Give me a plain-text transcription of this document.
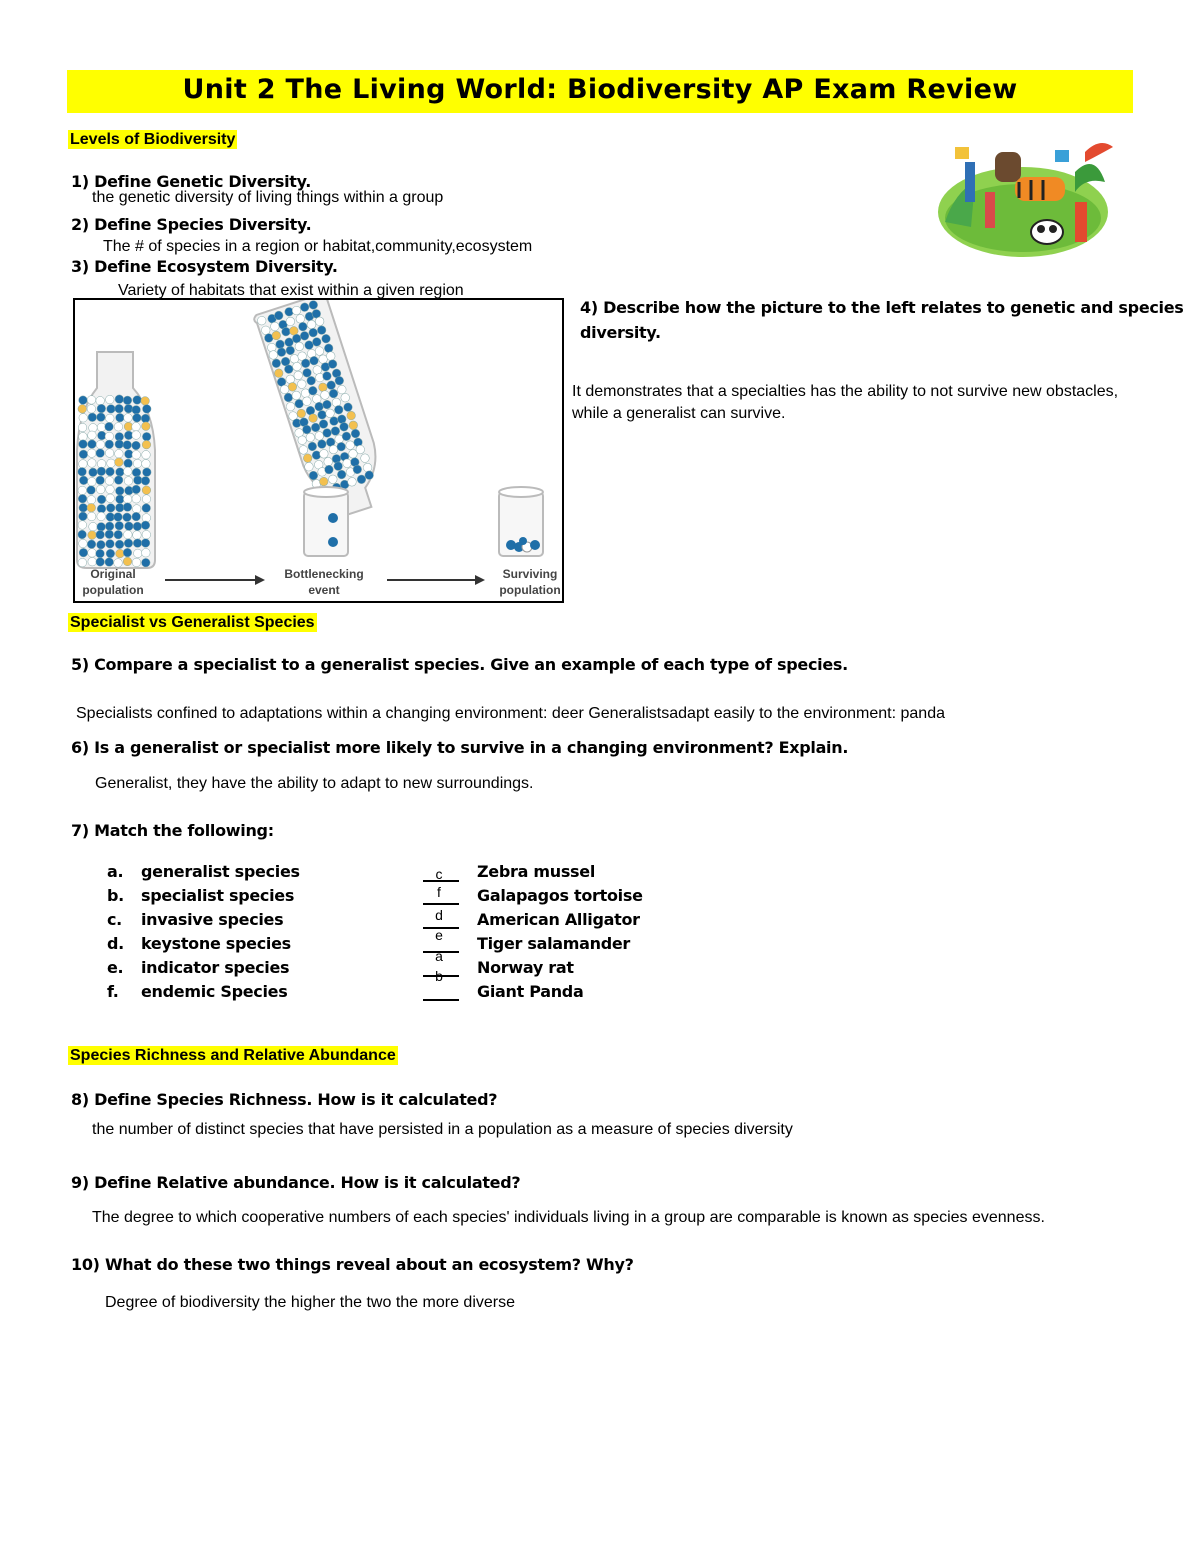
Unit 2 The Living World: Biodiversity AP Exam Review
Levels of Biodiversity
1) Define Genetic Diversity.
the genetic diversity of living things within a group
2) Define Species Diversity.
The # of species in a region or habitat,community,ecosystem
3) Define Ecosystem Diversity.
Variety of habitats that exist within a given region
Original
population
Bottlenecking
event
Surviving
population
4) Describe how the picture to the left relates to genetic and species
diversity.
It demonstrates that a specialties has the ability to not survive new obstacles,
while a generalist can survive.
Specialist vs Generalist Species
5) Compare a specialist to a generalist species. Give an example of each type of species.
Specialists confined to adaptations within a changing environment: deer Generalistsadapt easily to the environment: panda
6) Is a generalist or specialist more likely to survive in a changing environment? Explain.
Generalist, they have the ability to adapt to new surroundings.
7) Match the following:
a. generalist species
b. specialist species
c. invasive species
d. keystone species
e. indicator species
f. endemic Species
c
f
d
e
a
b
Zebra mussel
Galapagos tortoise
American Alligator
Tiger salamander
Norway rat
Giant Panda
Species Richness and Relative Abundance
8) Define Species Richness. How is it calculated?
the number of distinct species that have persisted in a population as a measure of species diversity
9) Define Relative abundance. How is it calculated?
The degree to which cooperative numbers of each species' individuals living in a group are comparable is known as species evenness.
10) What do these two things reveal about an ecosystem? Why?
Degree of biodiversity the higher the two the more diverse
